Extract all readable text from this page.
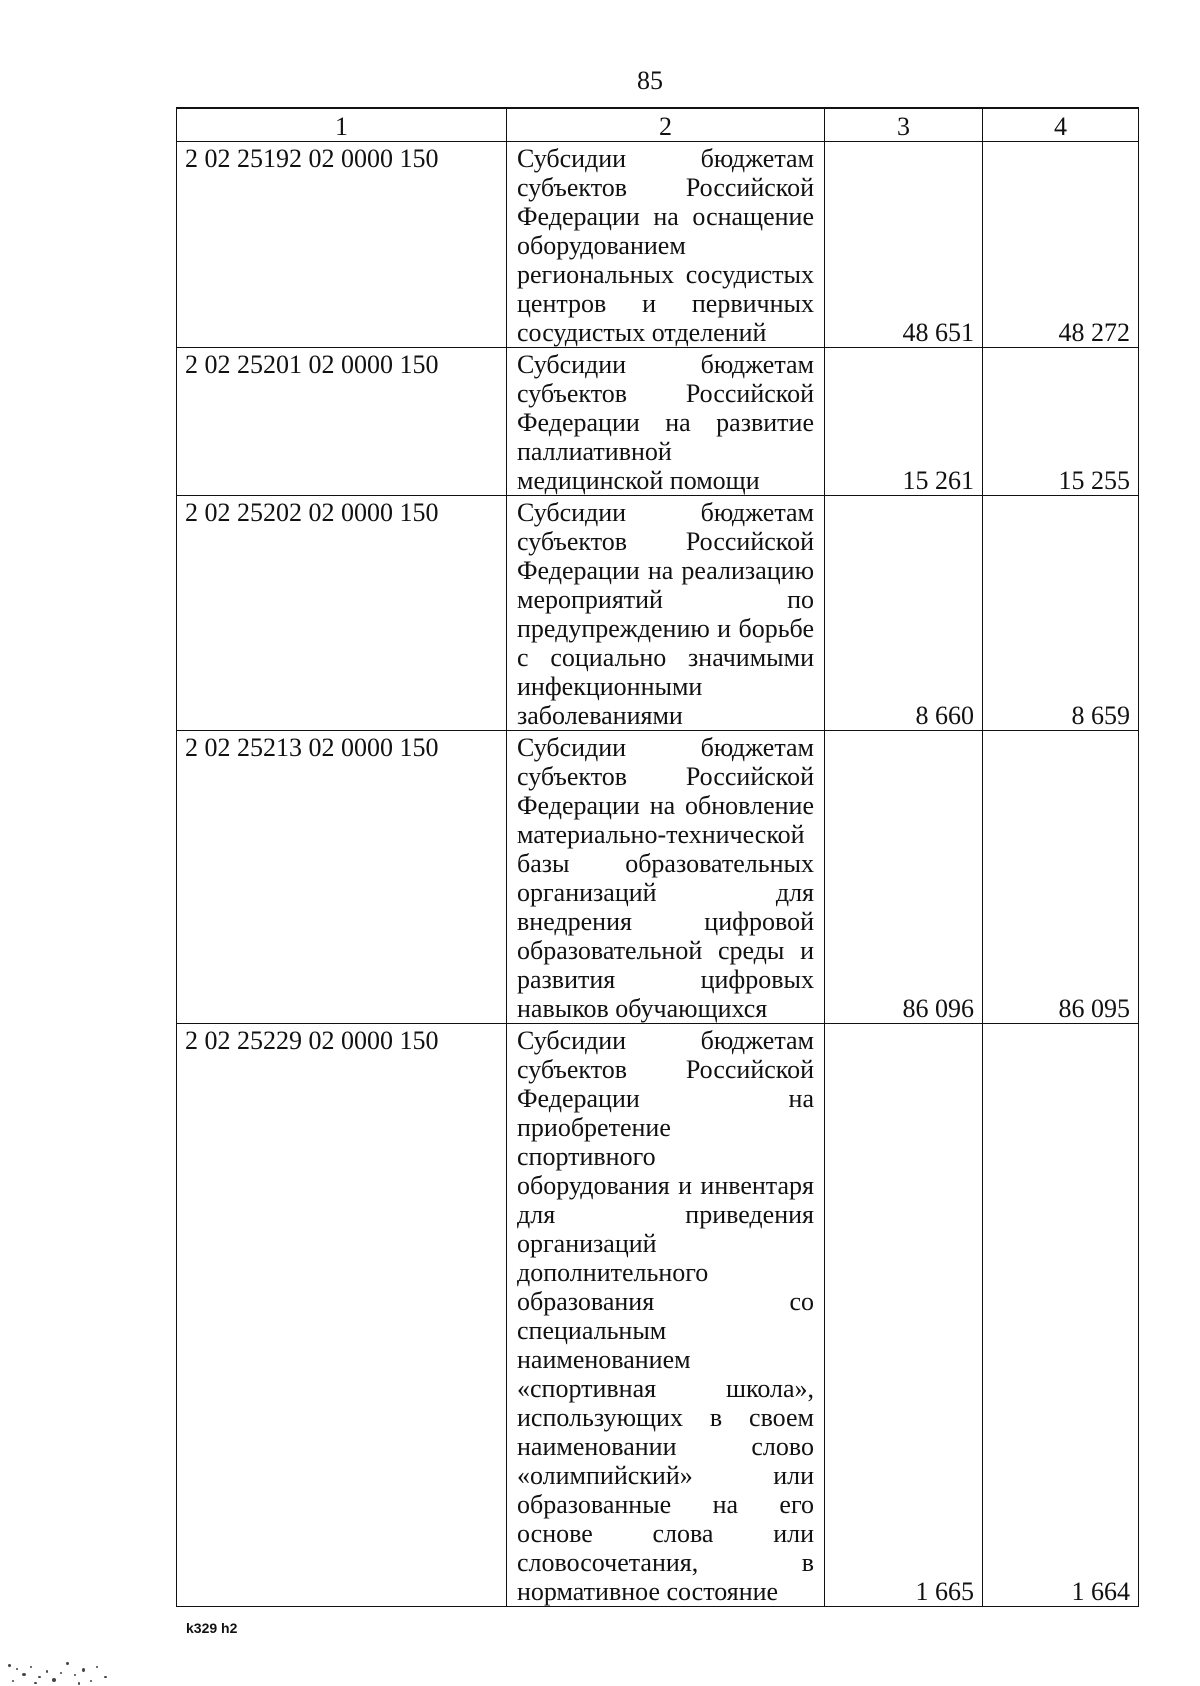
85
1	2	3	4
2 02 25192 02 0000 150	Субсидии бюджетам субъектов Российской Федерации на оснащение оборудованием региональных сосудистых центров и первичных сосудистых отделений	48 651	48 272
2 02 25201 02 0000 150	Субсидии бюджетам субъектов Российской Федерации на развитие паллиативной медицинской помощи	15 261	15 255
2 02 25202 02 0000 150	Субсидии бюджетам субъектов Российской Федерации на реализацию мероприятий по предупреждению и борьбе с социально значимыми инфекционными заболеваниями	8 660	8 659
2 02 25213 02 0000 150	Субсидии бюджетам субъектов Российской Федерации на обновление материально-технической базы образовательных организаций для внедрения цифровой образовательной среды и развития цифровых навыков обучающихся	86 096	86 095
2 02 25229 02 0000 150	Субсидии бюджетам субъектов Российской Федерации на приобретение спортивного оборудования и инвентаря для приведения организаций дополнительного образования со специальным наименованием «спортивная школа», использующих в своем наименовании слово «олимпийский» или образованные на его основе слова или словосочетания, в нормативное состояние	1 665	1 664
k329 h2
